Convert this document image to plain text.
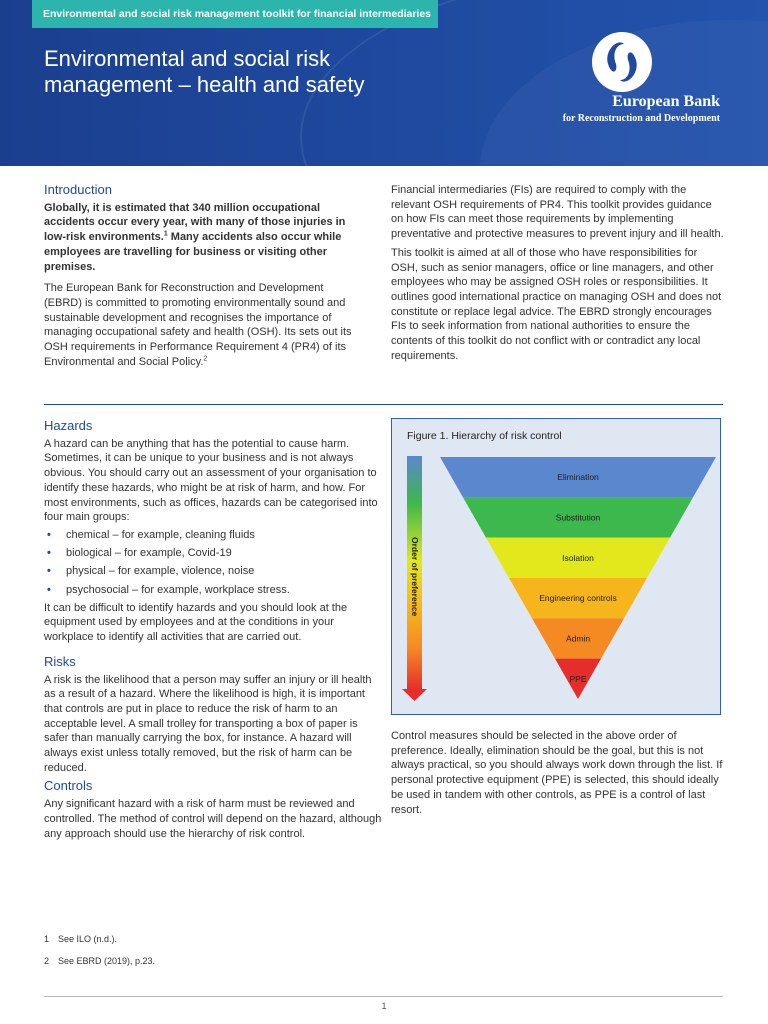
Environmental and social risk management toolkit for financial intermediaries
Environmental and social risk management – health and safety
European Bank
for Reconstruction and Development
Introduction

Globally, it is estimated that 340 million occupational accidents occur every year, with many of those injuries in low-risk environments.$^1$ Many accidents also occur while employees are travelling for business or visiting other premises.

The European Bank for Reconstruction and Development (EBRD) is committed to promoting environmentally sound and sustainable development and recognises the importance of managing occupational safety and health (OSH). Its sets out its OSH requirements in Performance Requirement 4 (PR4) of its Environmental and Social Policy.$^2$

Financial intermediaries (FIs) are required to comply with the relevant OSH requirements of PR4. This toolkit provides guidance on how FIs can meet those requirements by implementing preventative and protective measures to prevent injury and ill health.

This toolkit is aimed at all of those who have responsibilities for OSH, such as senior managers, office or line managers, and other employees who may be assigned OSH roles or responsibilities. It outlines good international practice on managing OSH and does not constitute or replace legal advice. The EBRD strongly encourages FIs to seek information from national authorities to ensure the contents of this toolkit do not conflict with or contradict any local requirements.

Hazards

A hazard can be anything that has the potential to cause harm. Sometimes, it can be unique to your business and is not always obvious. You should carry out an assessment of your organisation to identify these hazards, who might be at risk of harm, and how. For most environments, such as offices, hazards can be categorised into four main groups:

• chemical – for example, cleaning fluids
• biological – for example, Covid-19
• physical – for example, violence, noise
• psychosocial – for example, workplace stress.

It can be difficult to identify hazards and you should look at the equipment used by employees and at the conditions in your workplace to identify all activities that are carried out.

Risks

A risk is the likelihood that a person may suffer an injury or ill health as a result of a hazard. Where the likelihood is high, it is important that controls are put in place to reduce the risk of harm to an acceptable level. A small trolley for transporting a box of paper is safer than manually carrying the box, for instance. A hazard will always exist unless totally removed, but the risk of harm can be reduced.

Controls

Any significant hazard with a risk of harm must be reviewed and controlled. The method of control will depend on the hazard, although any approach should use the hierarchy of risk control.

Figure 1. Hierarchy of risk control
Order of preference
Elimination
Substitution
Isolation
Engineering controls
Admin
PPE
Control measures should be selected in the above order of preference. Ideally, elimination should be the goal, but this is not always practical, so you should always work down through the list. If personal protective equipment (PPE) is selected, this should ideally be used in tandem with other controls, as PPE is a control of last resort.
1 See ILO (n.d.).
2 See EBRD (2019), p.23.
1
